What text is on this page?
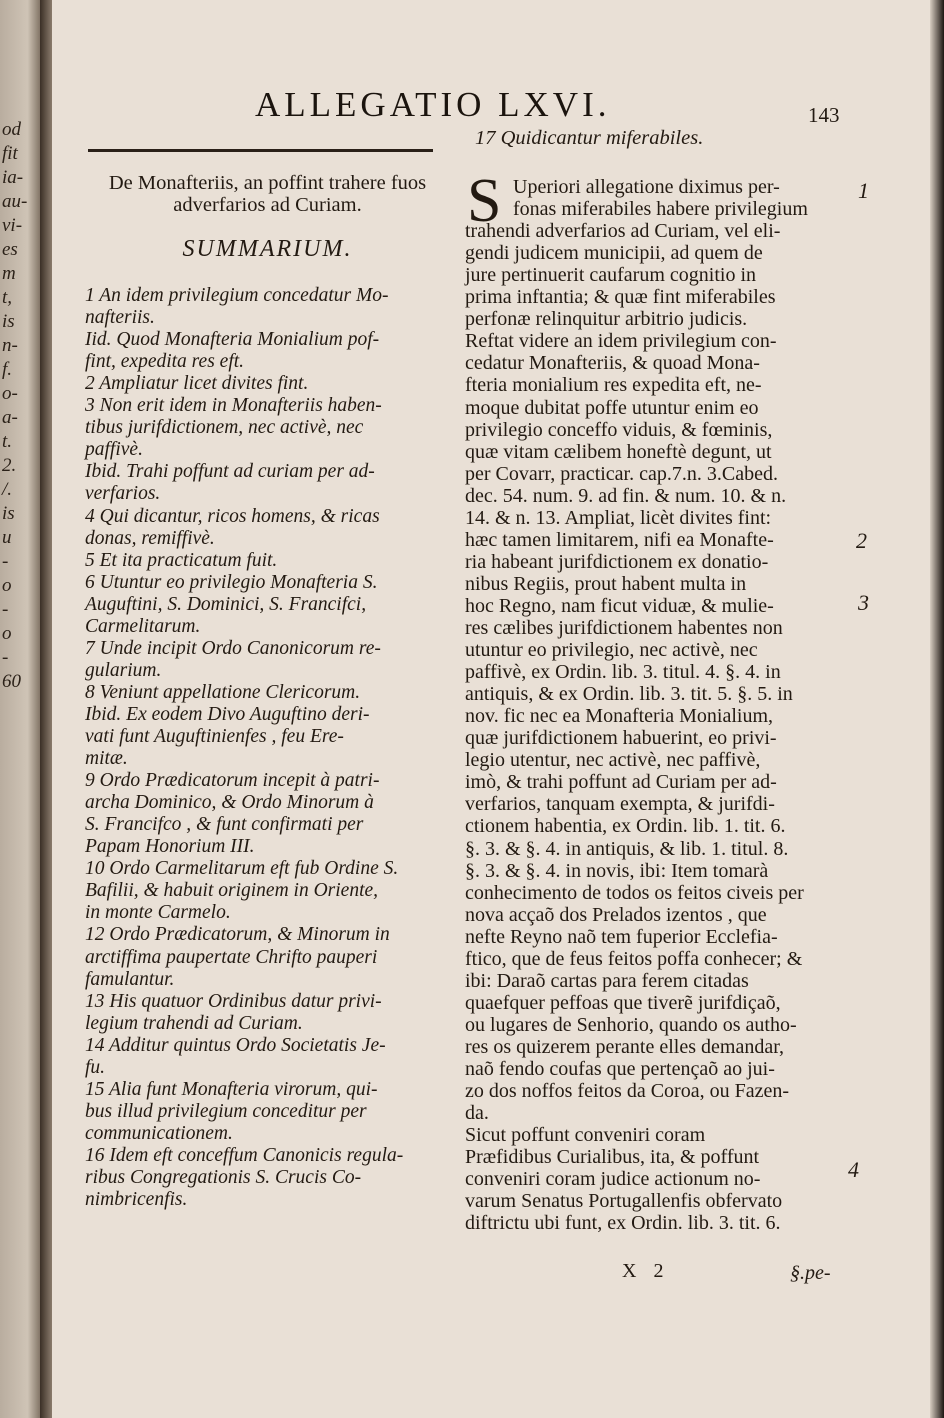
od
fit
ia-
au-
vi-
es
m
t,
is
n-
f.
o-
a-
t.
2.
/.
is
u
-
o
-
o
-
60
ALLEGATIO LXVI.	143
De Monafteriis, an poffint trahere fuos
adverfarios ad Curiam.
SUMMARIUM.
1 An idem privilegium concedatur Mo-
nafteriis.
Iid. Quod Monafteria Monialium pof-
fint, expedita res eft.
2 Ampliatur licet divites fint.
3 Non erit idem in Monafteriis haben-
tibus jurifdictionem, nec activè, nec
paffivè.
Ibid. Trahi poffunt ad curiam per ad-
verfarios.
4 Qui dicantur, ricos homens, & ricas
donas, remiffivè.
5 Et ita practicatum fuit.
6 Utuntur eo privilegio Monafteria S.
Auguftini, S. Dominici, S. Francifci,
Carmelitarum.
7 Unde incipit Ordo Canonicorum re-
gularium.
8 Veniunt appellatione Clericorum.
Ibid. Ex eodem Divo Auguftino deri-
vati funt Auguftinienfes , feu Ere-
mitæ.
9 Ordo Prædicatorum incepit à patri-
archa Dominico, & Ordo Minorum à
S. Francifco , & funt confirmati per
Papam Honorium III.
10 Ordo Carmelitarum eft fub Ordine S.
Bafilii, & habuit originem in Oriente,
in monte Carmelo.
12 Ordo Prædicatorum, & Minorum in
arctiffima paupertate Chrifto pauperi
famulantur.
13 His quatuor Ordinibus datur privi-
legium trahendi ad Curiam.
14 Additur quintus Ordo Societatis Je-
fu.
15 Alia funt Monafteria virorum, qui-
bus illud privilegium conceditur per
communicationem.
16 Idem eft conceffum Canonicis regula-
ribus Congregationis S. Crucis Co-
nimbricenfis.
17 Quidicantur miferabiles.
S Uperiori allegatione diximus per-
fonas miferabiles habere privilegium
trahendi adverfarios ad Curiam, vel eli-
gendi judicem municipii, ad quem de
jure pertinuerit caufarum cognitio in
prima inftantia; & quæ fint miferabiles
perfonæ relinquitur arbitrio judicis.
Reftat videre an idem privilegium con-
cedatur Monafteriis, & quoad Mona-
fteria monialium res expedita eft, ne-
moque dubitat poffe utuntur enim eo
privilegio conceffo viduis, & fœminis,
quæ vitam cælibem honeftè degunt, ut
per Covarr, practicar. cap.7.n. 3.Cabed.
dec. 54. num. 9. ad fin. & num. 10. & n.
14. & n. 13. Ampliat, licèt divites fint:
hæc tamen limitarem, nifi ea Monafte-
ria habeant jurifdictionem ex donatio-
nibus Regiis, prout habent multa in
hoc Regno, nam ficut viduæ, & mulie-
res cælibes jurifdictionem habentes non
utuntur eo privilegio, nec activè, nec
paffivè, ex Ordin. lib. 3. titul. 4. §. 4. in
antiquis, & ex Ordin. lib. 3. tit. 5. §. 5. in
nov. fic nec ea Monafteria Monialium,
quæ jurifdictionem habuerint, eo privi-
legio utentur, nec activè, nec paffivè,
imò, & trahi poffunt ad Curiam per ad-
verfarios, tanquam exempta, & jurifdi-
ctionem habentia, ex Ordin. lib. 1. tit. 6.
§. 3. & §. 4. in antiquis, & lib. 1. titul. 8.
§. 3. & §. 4. in novis, ibi: Item tomarà
conhecimento de todos os feitos civeis per
nova acçaõ dos Prelados izentos , que
nefte Reyno naõ tem fuperior Ecclefia-
ftico, que de feus feitos poffa conhecer; &
ibi: Daraõ cartas para ferem citadas
quaefquer peffoas que tiverẽ jurifdiçaõ,
ou lugares de Senhorio, quando os autho-
res os quizerem perante elles demandar,
naõ fendo coufas que pertençaõ ao jui-
zo dos noffos feitos da Coroa, ou Fazen-
da.
Sicut poffunt conveniri coram
Præfidibus Curialibus, ita, & poffunt
conveniri coram judice actionum no-
varum Senatus Portugallenfis obfervato
diftrictu ubi funt, ex Ordin. lib. 3. tit. 6.
1
2
3
4
X 2	§.pe-
